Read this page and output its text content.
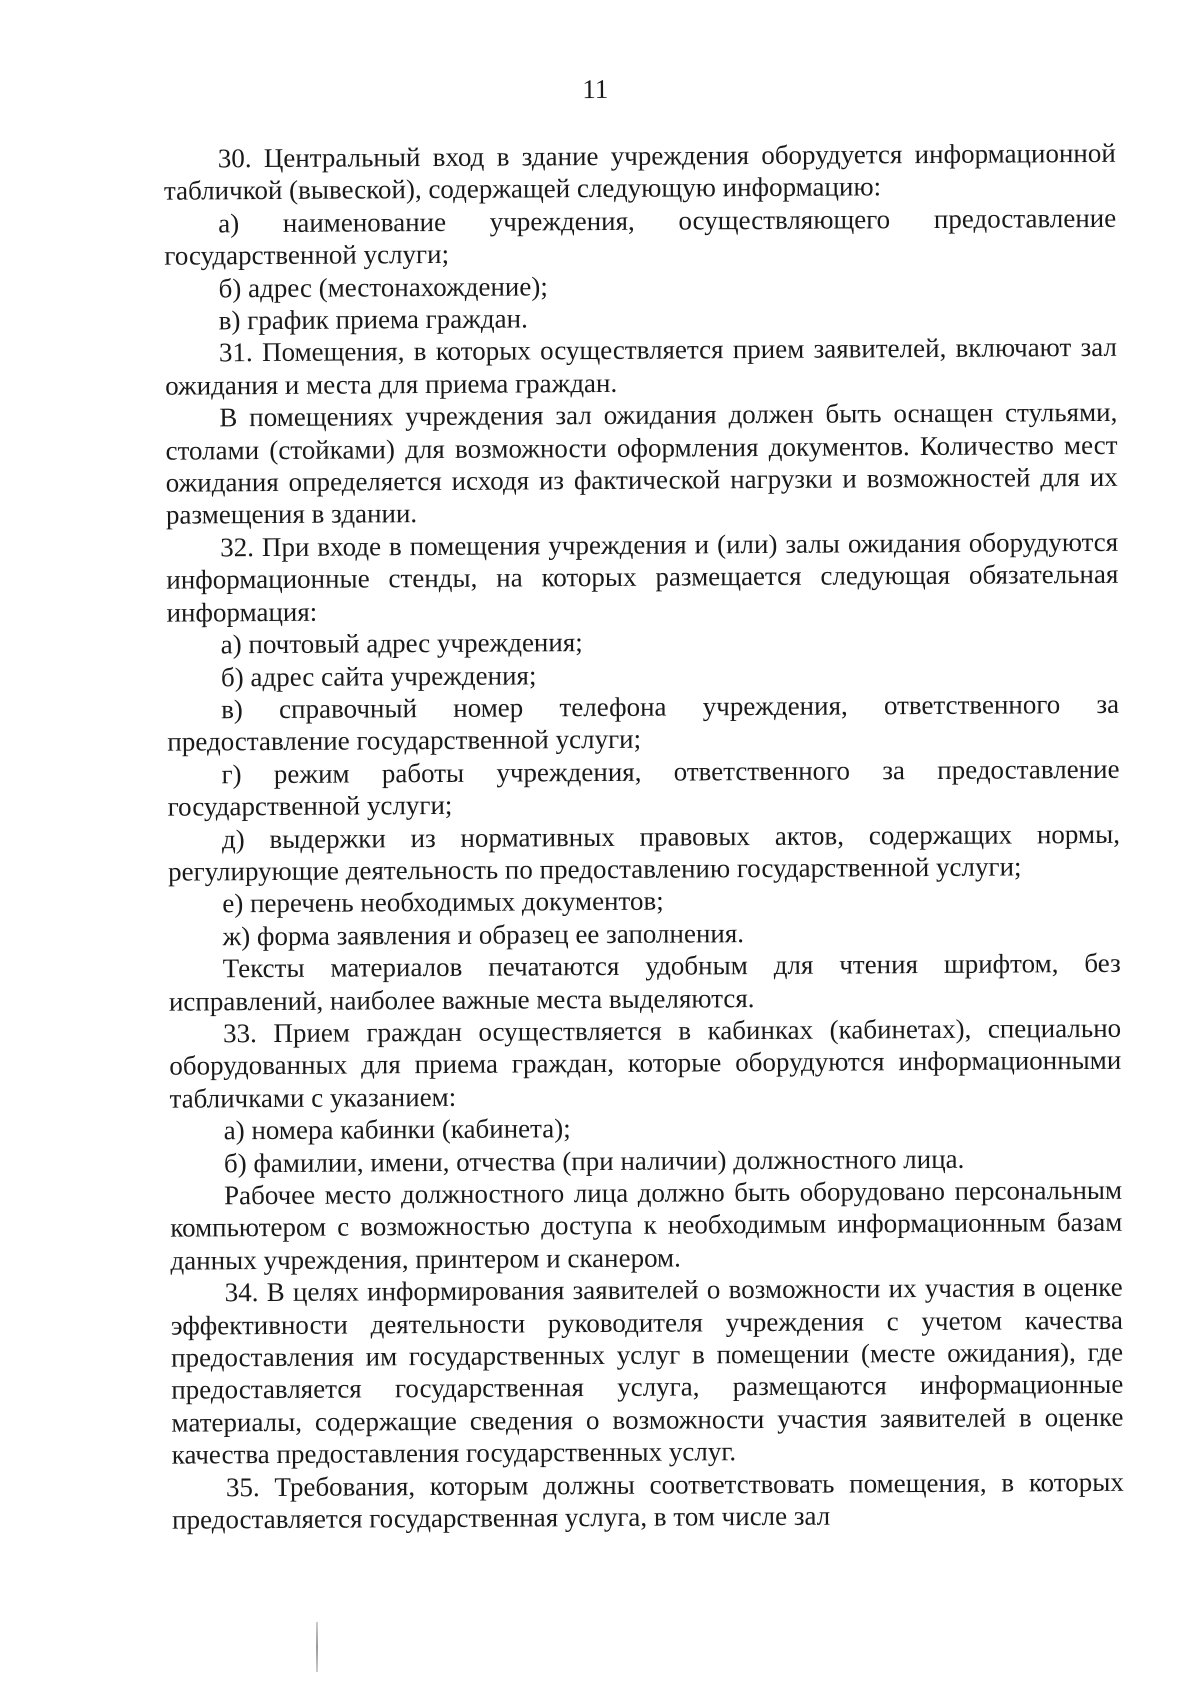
11

30. Центральный вход в здание учреждения оборудуется информационной табличкой (вывеской), содержащей следующую информацию:

а) наименование учреждения, осуществляющего предоставление государственной услуги;

б) адрес (местонахождение);

в) график приема граждан.

31. Помещения, в которых осуществляется прием заявителей, включают зал ожидания и места для приема граждан.

В помещениях учреждения зал ожидания должен быть оснащен стульями, столами (стойками) для возможности оформления документов. Количество мест ожидания определяется исходя из фактической нагрузки и возможностей для их размещения в здании.

32. При входе в помещения учреждения и (или) залы ожидания оборудуются информационные стенды, на которых размещается следующая обязательная информация:

а) почтовый адрес учреждения;

б) адрес сайта учреждения;

в) справочный номер телефона учреждения, ответственного за предоставление государственной услуги;

г) режим работы учреждения, ответственного за предоставление государственной услуги;

д) выдержки из нормативных правовых актов, содержащих нормы, регулирующие деятельность по предоставлению государственной услуги;

е) перечень необходимых документов;

ж) форма заявления и образец ее заполнения.

Тексты материалов печатаются удобным для чтения шрифтом, без исправлений, наиболее важные места выделяются.

33. Прием граждан осуществляется в кабинках (кабинетах), специально оборудованных для приема граждан, которые оборудуются информационными табличками с указанием:

а) номера кабинки (кабинета);

б) фамилии, имени, отчества (при наличии) должностного лица.

Рабочее место должностного лица должно быть оборудовано персональным компьютером с возможностью доступа к необходимым информационным базам данных учреждения, принтером и сканером.

34. В целях информирования заявителей о возможности их участия в оценке эффективности деятельности руководителя учреждения с учетом качества предоставления им государственных услуг в помещении (месте ожидания), где предоставляется государственная услуга, размещаются информационные материалы, содержащие сведения о возможности участия заявителей в оценке качества предоставления государственных услуг.

35. Требования, которым должны соответствовать помещения, в которых предоставляется государственная услуга, в том числе зал
